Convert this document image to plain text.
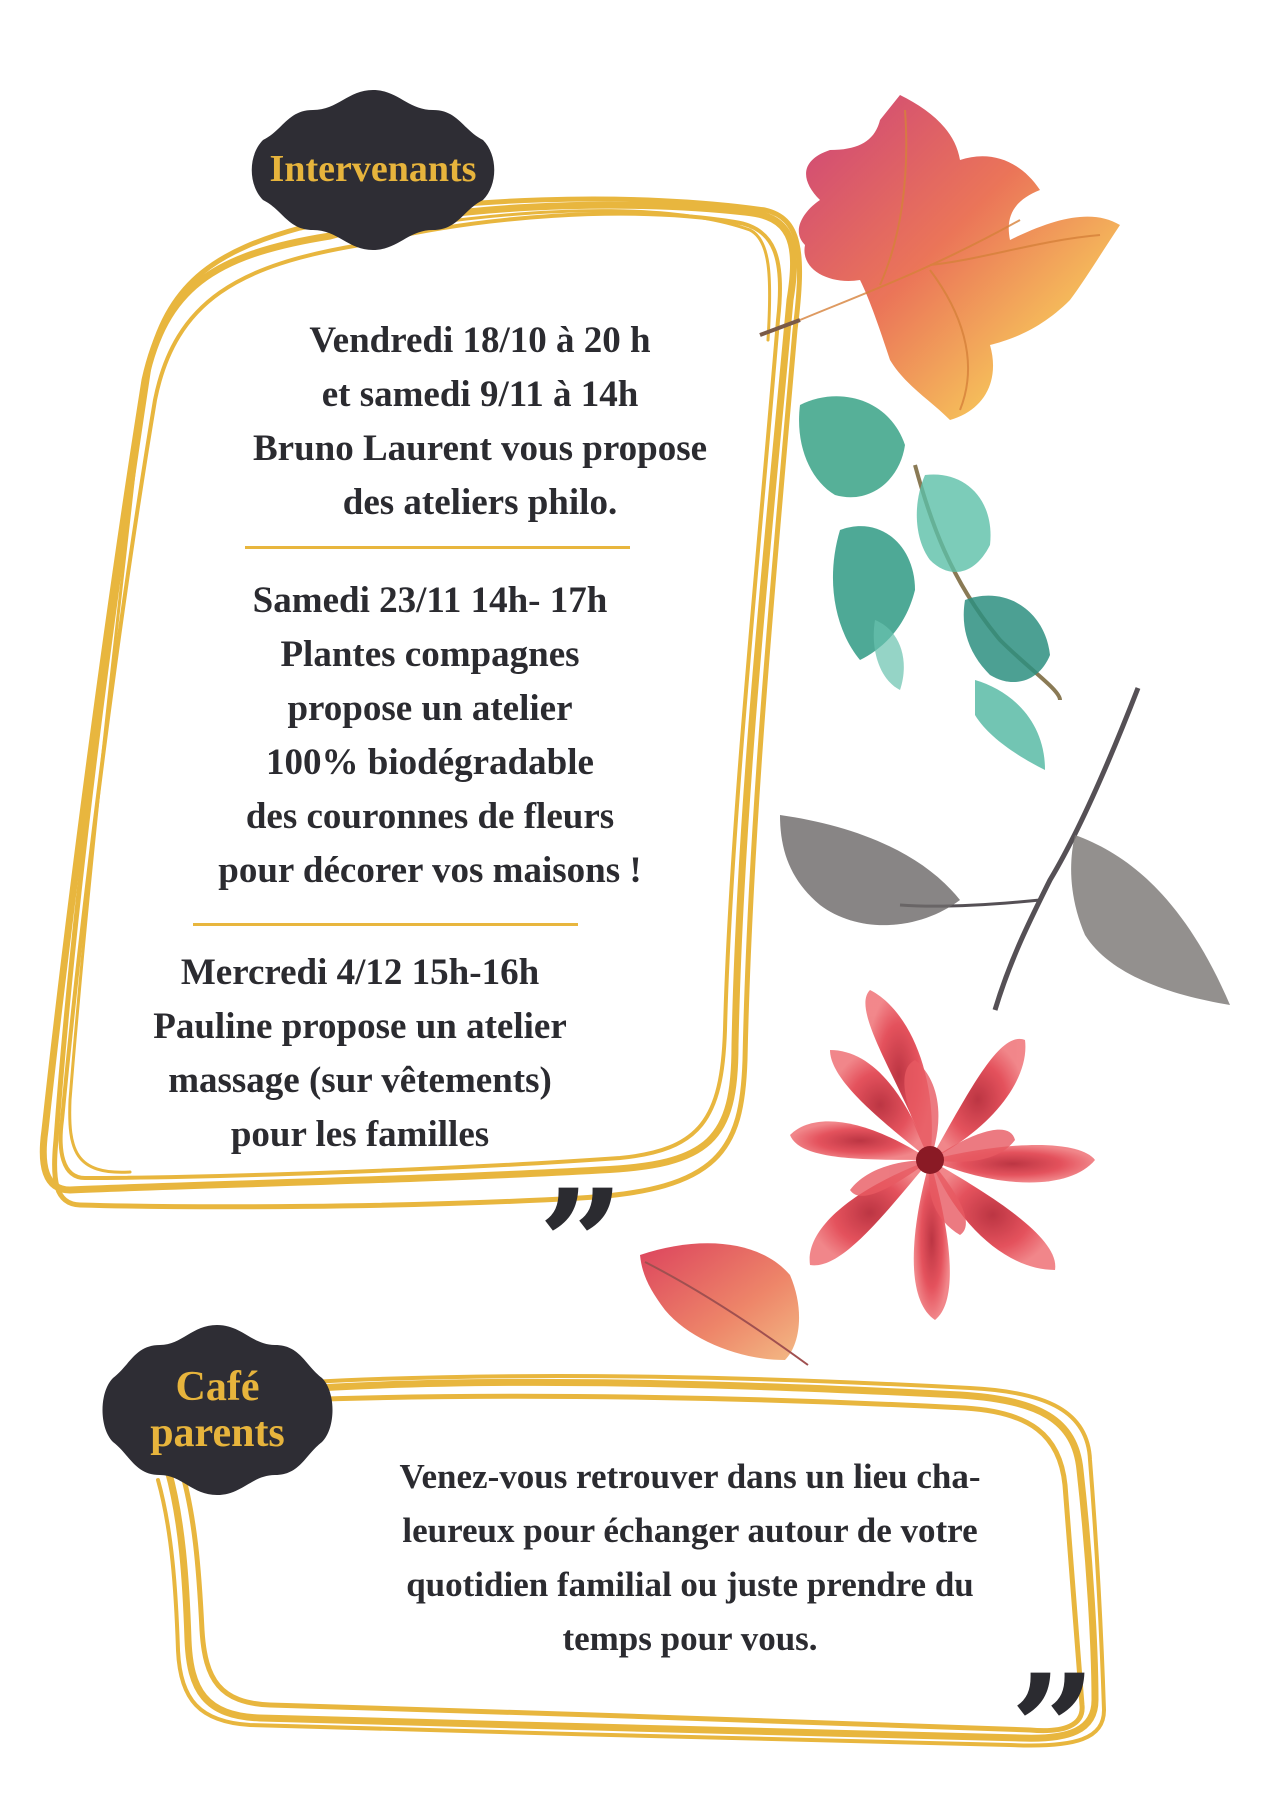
Intervenants
Vendredi 18/10 à 20 h
et samedi 9/11 à 14h
Bruno Laurent vous propose
des ateliers philo.
Samedi 23/11 14h- 17h
Plantes compagnes
propose un atelier
100% biodégradable
des couronnes de fleurs
pour décorer vos maisons !
Mercredi 4/12 15h-16h
Pauline propose un atelier
massage (sur vêtements)
pour les familles
”
Café
parents
Venez-vous retrouver dans un lieu cha-
leureux pour échanger autour de votre
quotidien familial ou juste prendre du
temps pour vous.
”
